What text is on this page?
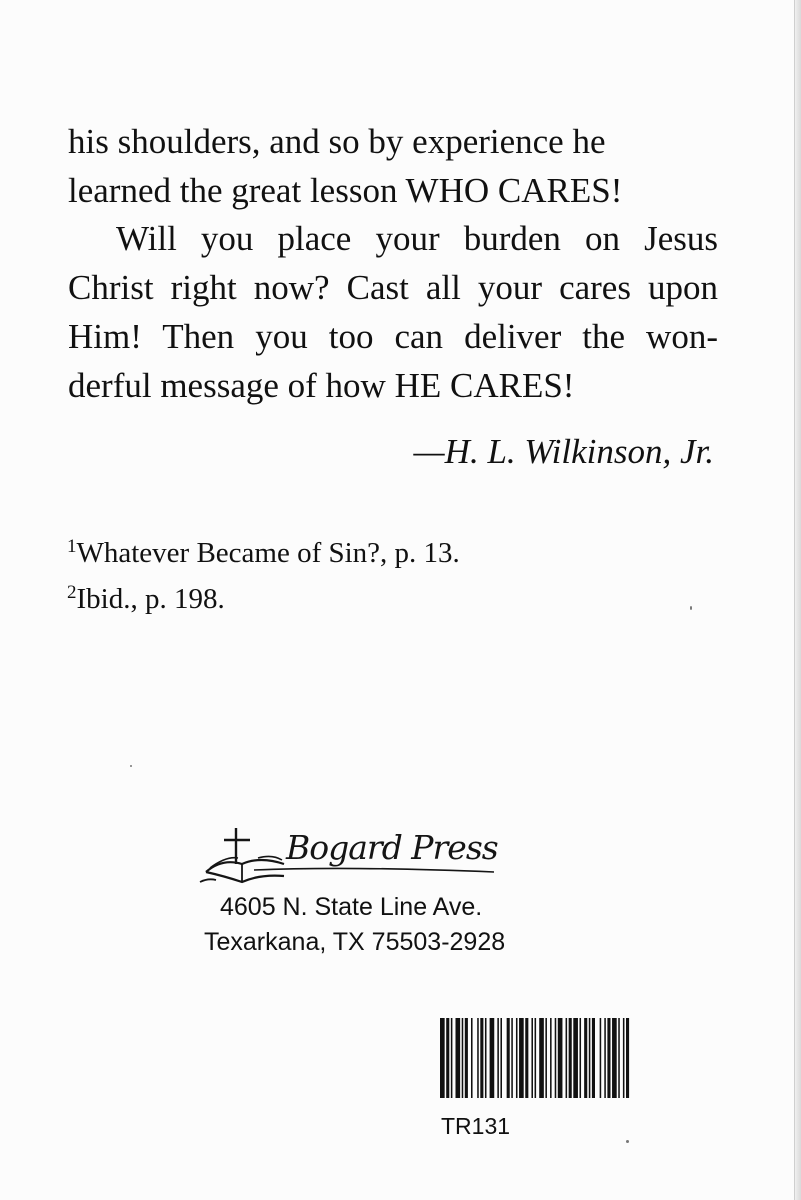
his shoulders, and so by experience he
learned the great lesson WHO CARES!
Will you place your burden on Jesus
Christ right now? Cast all your cares upon
Him! Then you too can deliver the won-
derful message of how HE CARES!
—H. L. Wilkinson, Jr.
$^1$Whatever Became of Sin?, p. 13.
$^2$Ibid., p. 198.
Bogard Press
4605 N. State Line Ave.
Texarkana, TX 75503-2928
TR131
